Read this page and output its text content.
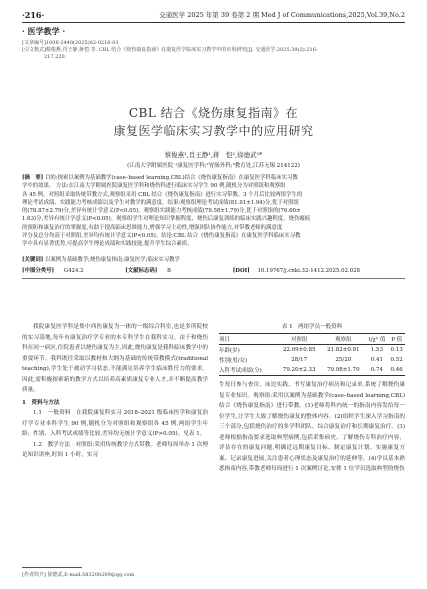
·216·	交通医学 2025 年第 39 卷第 2 期 Med J of Communications,2025,Vol.39,No.2
· 医学教学 ·
[文章编号]1006-2440(2025)02-0216-03
[引文格式]蔡俊燕,肖王静,蒋恺,等. CBL 结合《烧伤康复指南》在康复医学临床实习教学中的应用研究[J]. 交通医学,2025,39(2):216–
217,220.
CBL 结合《烧伤康复指南》在
康复医学临床实习教学中的应用研究
蔡俊燕¹,肖王静¹,蒋　恺²,徐德武¹*
(江南大学附属医院 ¹康复医学科;²胃肠外科;³教育处,江苏无锡 214122)
[摘　要] 目的:探索以案例为基础教学(case–based learning,CBL)结合《烧伤康复指南》在康复医学科临床实习教
学中的效果。 方法:在江南大学附属医院康复医学科和烧伤科进行临床实习学生 90 例,随机分为对照组和观察组
各 45 例。对照组采取传统带教方式,观察组采用 CBL 结合《烧伤康复指南》进行实习带教。3 个月后比较两组学生的
理论考试成绩、实践能力考核成绩以及学生对教学的满意度。结果:观察组理论考试成绩(81.91±1.94)分,优于对照组
的(78.87±2.79)分,差异有统计学意义(P<0.05)。观察组实践能力考核成绩(79.58±1.79)分,优于对照组的(76.60±
1.63)分,差异有统计学意义(P<0.05)。观察组学生对理论知识掌握程度、烧伤后康复训练的临床实践兴趣程度、烧伤瘢痕
的预防和康复治疗的掌握度,有助于提高临床思维能力,增强学习主动性,增强团队协作能力,对带教老师的满意度
评分及总分均高于对照组,差异均有统计学意义(P<0.05)。结论:CBL 结合《烧伤康复指南》在康复医学科临床实习教
学中具有显著优势,可提高学生理论成绩和实践技能,提升学生综合素质。
[关键词] 以案例为基础教学;烧伤康复指南;康复医学;临床实习教学
[中图分类号] G424.2	[文献标志码] B	[DOI] 10.19767/j.cnki.32-1412.2025.02.028

我院康复医学科是集中西医康复为一体的一级综合科室,也是多所院校的实习基地,每年有康复治疗学专业的本专科学生在我科实习。由于和烧伤科在同一病区,住院患者以烧伤康复为主,因此,烧伤康复是我科临床教学中的重要环节。我科既往采取以教材和大纲为基础的传统带教模式(traditional teaching),学生处于被动学习状态,不能满足培养学生临床胜任力的要求。因此,需积极探索新的教学方式以培养高素质康复专业人才,并不断提高教学质量。

1　资料与方法

1.1　一般资料　在我院康复科实习 2018–2021 级临床医学和康复治疗学专业本科学生 90 例,随机分为对照组和观察组各 45 例,两组学生年龄、性别、入科考试成绩等比较,差异均无统计学意义(P>0.05)。见表 1。

1.2　教学方法　对照组:采用传统教学方式带教。老师每周举办 1 次理论知识讲座,时间 1 小时。实习

表 1　两组学员一般资料
项目	对照组	观察组	t/χ² 值	P 值
年龄(岁)	22.09±0.85	21.82±0.81	1.53	0.13
性别(男/女)	28/17	25/20	0.41	0.52
入科考试成绩(分)	79.20±2.33	79.98±1.70	0.74	0.46

生每日参与查房、床边实践、书写康复治疗病历和记录单,系统了解烧伤康复专业知识。观察组:采用以案例为基础教学(case–based learning,CBL)结合《烧伤康复指南》进行带教。(1)老师将科内统一的指南内容发给每一位学生,让学生大致了解烧伤康复的整体内容。(2)组织学生深入学习指南的三个部分,包括烧伤治疗的多学科团队、综合康复治疗和长期康复治疗。(3)老师根据指南要求选取典型病例,包括采集病史、了解烧伤专科治疗内容、评估存在的康复问题,明确近远期康复目标、制定康复计划、实施康复方案、记录康复进展,关注患者心理状态及康复治疗的延伸等。(4)学员基本熟悉指南内容,带教老师每周进行 1 次案例讨论,安排 1 位学员选取典型的烧伤

[作者简介] 徐德武,E-mail:583208209@qq.com
